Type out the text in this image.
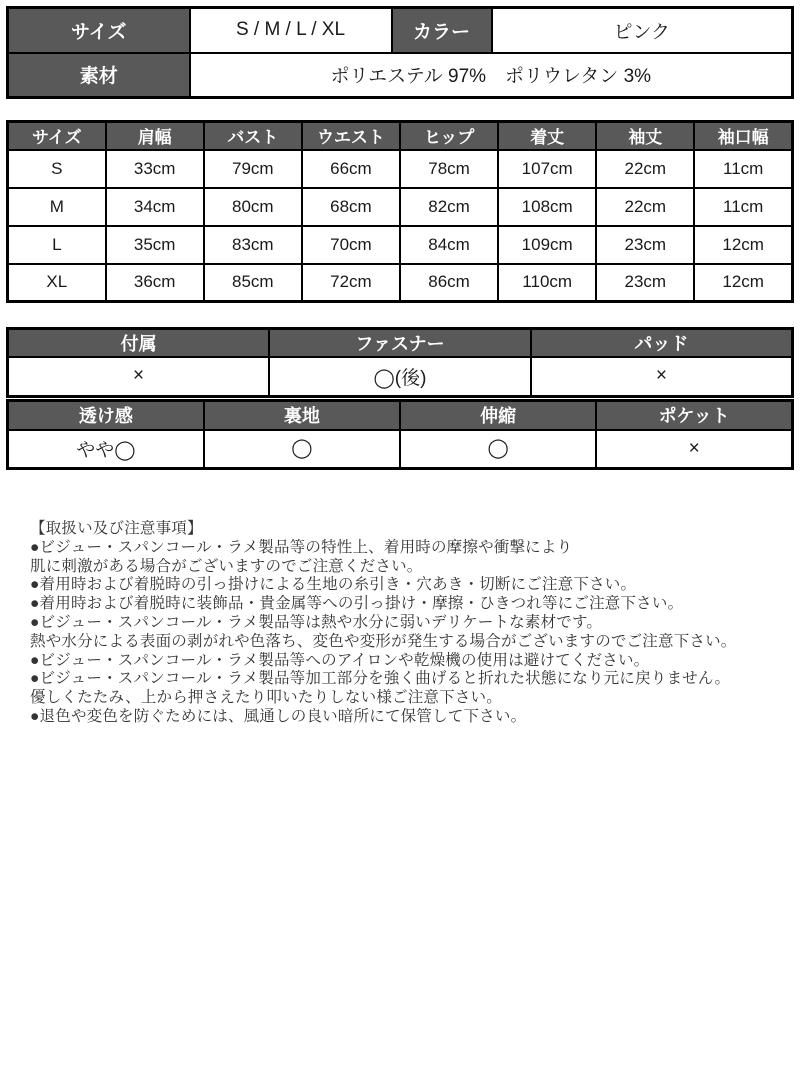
サイズ	S / M / L / XL	カラー	ピンク
素材	ポリエステル 97%　ポリウレタン 3%		
サイズ	肩幅	バスト	ウエスト	ヒップ	着丈	袖丈	袖口幅
S	33cm	79cm	66cm	78cm	107cm	22cm	11cm
M	34cm	80cm	68cm	82cm	108cm	22cm	11cm
L	35cm	83cm	70cm	84cm	109cm	23cm	12cm
XL	36cm	85cm	72cm	86cm	110cm	23cm	12cm
付属	ファスナー	パッド
×	◯(後)	×
透け感	裏地	伸縮	ポケット
やや◯	◯	◯	×
【取扱い及び注意事項】
●ビジュー・スパンコール・ラメ製品等の特性上、着用時の摩擦や衝撃により
肌に刺激がある場合がございますのでご注意ください。
●着用時および着脱時の引っ掛けによる生地の糸引き・穴あき・切断にご注意下さい。
●着用時および着脱時に装飾品・貴金属等への引っ掛け・摩擦・ひきつれ等にご注意下さい。
●ビジュー・スパンコール・ラメ製品等は熱や水分に弱いデリケートな素材です。
熱や水分による表面の剥がれや色落ち、変色や変形が発生する場合がございますのでご注意下さい。
●ビジュー・スパンコール・ラメ製品等へのアイロンや乾燥機の使用は避けてください。
●ビジュー・スパンコール・ラメ製品等加工部分を強く曲げると折れた状態になり元に戻りません。
優しくたたみ、上から押さえたり叩いたりしない様ご注意下さい。
●退色や変色を防ぐためには、風通しの良い暗所にて保管して下さい。
